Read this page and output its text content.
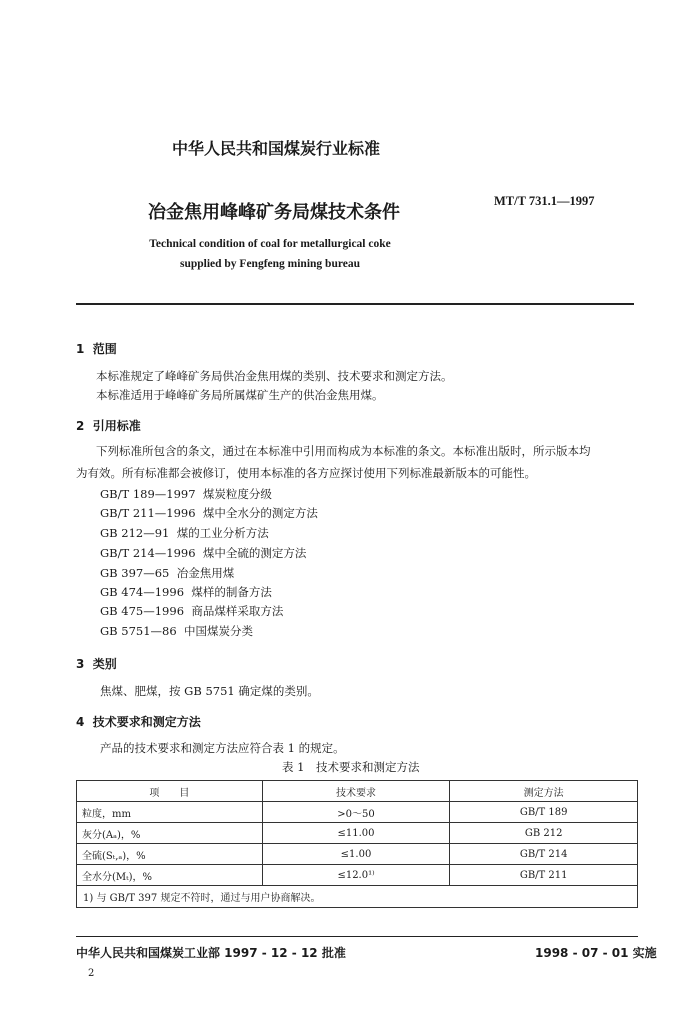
中华人民共和国煤炭行业标准
冶金焦用峰峰矿务局煤技术条件
MT/T 731.1—1997
Technical condition of coal for metallurgical coke
supplied by Fengfeng mining bureau
1 范围
本标准规定了峰峰矿务局供冶金焦用煤的类别、技术要求和测定方法。
本标准适用于峰峰矿务局所属煤矿生产的供冶金焦用煤。
2 引用标准
下列标准所包含的条文，通过在本标准中引用而构成为本标准的条文。本标准出版时，所示版本均
为有效。所有标准都会被修订，使用本标准的各方应探讨使用下列标准最新版本的可能性。
GB/T 189—1997 煤炭粒度分级
GB/T 211—1996 煤中全水分的测定方法
GB 212—91 煤的工业分析方法
GB/T 214—1996 煤中全硫的测定方法
GB 397—65 冶金焦用煤
GB 474—1996 煤样的制备方法
GB 475—1996 商品煤样采取方法
GB 5751—86 中国煤炭分类
3 类别
焦煤、肥煤，按 GB 5751 确定煤的类别。
4 技术要求和测定方法
产品的技术要求和测定方法应符合表 1 的规定。
表 1　技术要求和测定方法
项　　目	技术要求	测定方法
粒度，mm	>0～50	GB/T 189
灰分(Aₐ)，%	≤11.00	GB 212
全硫(Sₜ,ₐ)，%	≤1.00	GB/T 214
全水分(Mₜ)，%	≤12.0¹⁾	GB/T 211
1) 与 GB/T 397 规定不符时，通过与用户协商解决。		
中华人民共和国煤炭工业部 1997 - 12 - 12 批准	1998 - 07 - 01 实施
2
